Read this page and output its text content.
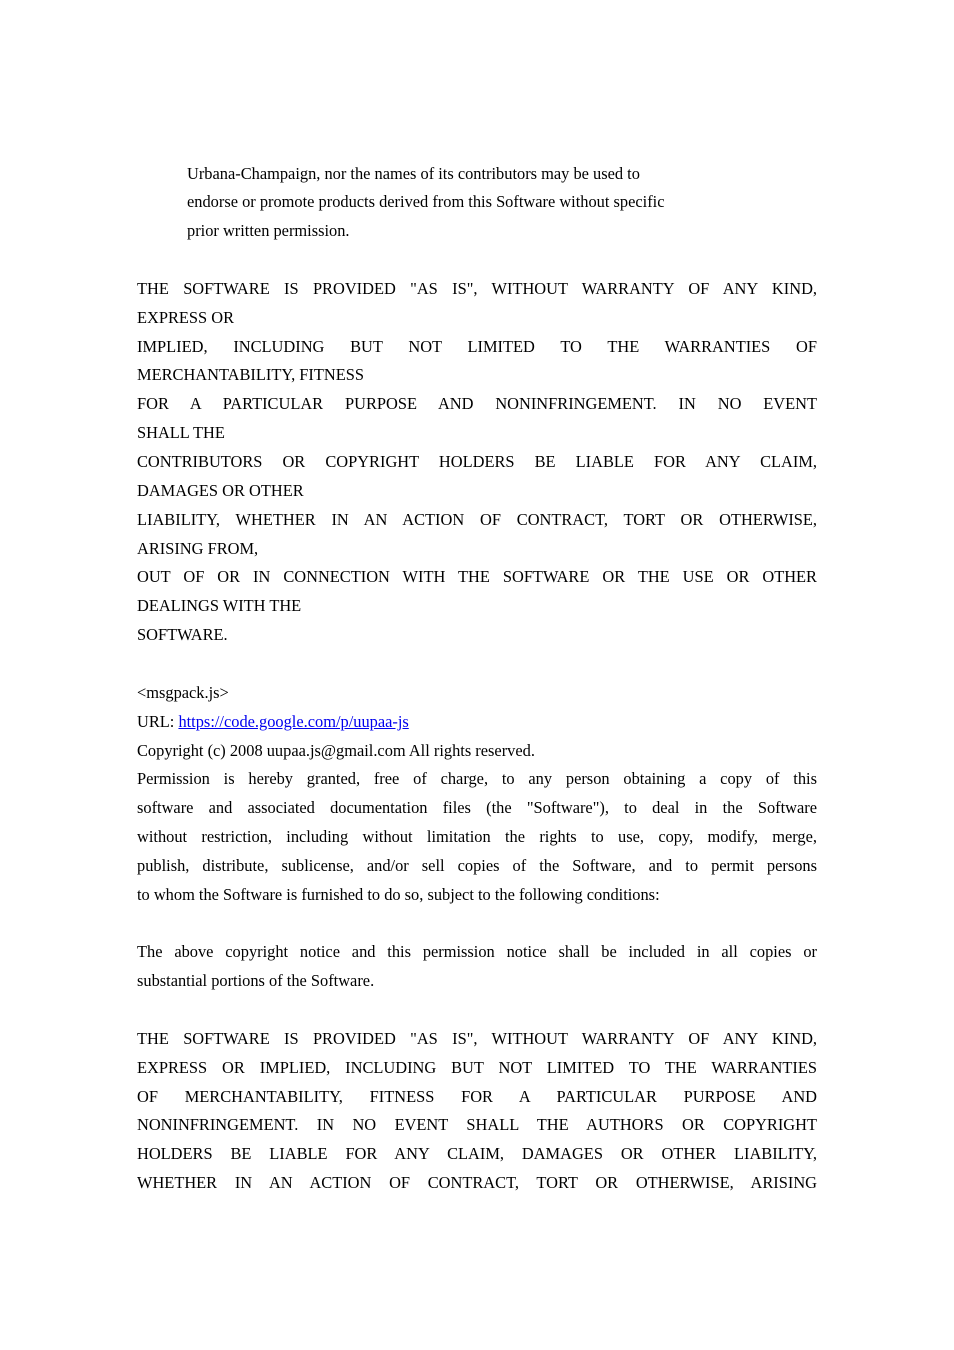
Urbana-Champaign, nor the names of its contributors may be used to
endorse or promote products derived from this Software without specific
prior written permission.
THE SOFTWARE IS PROVIDED "AS IS", WITHOUT WARRANTY OF ANY KIND,
EXPRESS OR
IMPLIED, INCLUDING BUT NOT LIMITED TO THE WARRANTIES OF
MERCHANTABILITY, FITNESS
FOR A PARTICULAR PURPOSE AND NONINFRINGEMENT. IN NO EVENT
SHALL THE
CONTRIBUTORS OR COPYRIGHT HOLDERS BE LIABLE FOR ANY CLAIM,
DAMAGES OR OTHER
LIABILITY, WHETHER IN AN ACTION OF CONTRACT, TORT OR OTHERWISE,
ARISING FROM,
OUT OF OR IN CONNECTION WITH THE SOFTWARE OR THE USE OR OTHER
DEALINGS WITH THE
SOFTWARE.
<msgpack.js>
URL: https://code.google.com/p/uupaa-js
Copyright (c) 2008 uupaa.js@gmail.com All rights reserved.
Permission is hereby granted, free of charge, to any person obtaining a copy of this
software and associated documentation files (the "Software"), to deal in the Software
without restriction, including without limitation the rights to use, copy, modify, merge,
publish, distribute, sublicense, and/or sell copies of the Software, and to permit persons
to whom the Software is furnished to do so, subject to the following conditions:
The above copyright notice and this permission notice shall be included in all copies or
substantial portions of the Software.
THE SOFTWARE IS PROVIDED "AS IS", WITHOUT WARRANTY OF ANY KIND,
EXPRESS OR IMPLIED, INCLUDING BUT NOT LIMITED TO THE WARRANTIES
OF MERCHANTABILITY, FITNESS FOR A PARTICULAR PURPOSE AND
NONINFRINGEMENT. IN NO EVENT SHALL THE AUTHORS OR COPYRIGHT
HOLDERS BE LIABLE FOR ANY CLAIM, DAMAGES OR OTHER LIABILITY,
WHETHER IN AN ACTION OF CONTRACT, TORT OR OTHERWISE, ARISING
